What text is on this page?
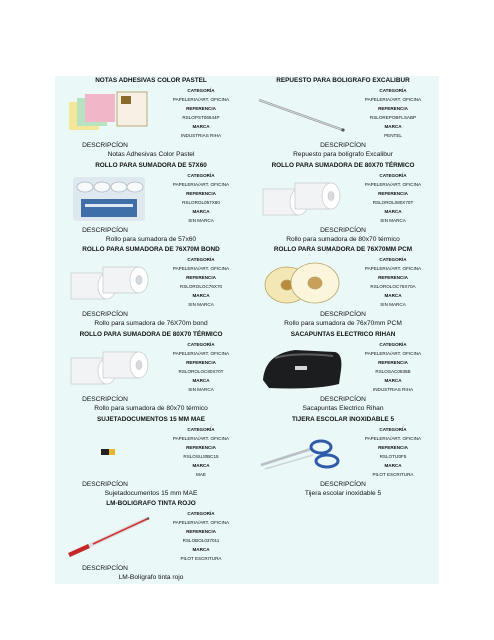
NOTAS ADHESIVAS COLOR PASTEL
CATEGORÍA
PAPELERIA/ART. OFICINA
REFERENCIA
RSLOPST06544P
MARCA
INDUSTRIAS RIHA
DESCRIPCÍON
Notas Adhesivas Color Pastel
ROLLO PARA SUMADORA DE 57X60
CATEGORÍA
PAPELERIA/ART. OFICINA
REFERENCIA
RSLOROL057X60
MARCA
SIN MARCA
DESCRIPCÍON
Rollo para sumadora de 57x60
ROLLO PARA SUMADORA DE 76X70M BOND
CATEGORÍA
PAPELERIA/ART. OFICINA
REFERENCIA
RSLOROLOC76X70
MARCA
SIN MARCA
DESCRIPCÍON
Rollo para sumadora de 76X70m bond
ROLLO PARA SUMADORA DE 80X70 TÉRMICO
CATEGORÍA
PAPELERIA/ART. OFICINA
REFERENCIA
RSLOROLOC80X70T
MARCA
SIN MARCA
DESCRIPCÍON
Rollo para sumadora de 80x70 térmico
SUJETADOCUMENTOS 15 MM MAE
CATEGORÍA
PAPELERIA/ART. OFICINA
REFERENCIA
RSLOSUJ0BC15
MARCA
MAE
DESCRIPCÍON
Sujetadocumentos 15 mm MAE
LM-BOLIGRAFO TINTA ROJO
CATEGORÍA
PAPELERIA/ART. OFICINA
REFERENCIA
RSLOBOL037011
MARCA
PILOT ESCRITURA
DESCRIPCÍON
LM-Bolígrafo tinta rojo
REPUESTO PARA BOLIGRAFO EXCALIBUR
CATEGORÍA
PAPELERIA/ART. OFICINA
REFERENCIA
RSLOREPOBFLSABP
MARCA
PENTEL
DESCRIPCÍON
Repuesto para bolígrafo Excalibur
ROLLO PARA SUMADORA DE 80X70 TÉRMICO
CATEGORÍA
PAPELERIA/ART. OFICINA
REFERENCIA
RSLOROL080X70T
MARCA
SIN MARCA
DESCRIPCÍON
Rollo para sumadora de 80x70 térmico
ROLLO PARA SUMADORA DE 76X70MM PCM
CATEGORÍA
PAPELERIA/ART. OFICINA
REFERENCIA
RSLOROLOC76X70A
MARCA
SIN MARCA
DESCRIPCÍON
Rollo para sumadora de 76x70mm PCM
SACAPUNTAS ELECTRICO RIHAN
CATEGORÍA
PAPELERIA/ART. OFICINA
REFERENCIA
RSLOSAC0835B
MARCA
INDUSTRIAS RIHA
DESCRIPCÍON
Sacapuntas Electrico Rihan
TIJERA ESCOLAR INOXIDABLE 5
CATEGORÍA
PAPELERIA/ART. OFICINA
REFERENCIA
RSLOTIJ0F5
MARCA
PILOT ESCRITURA
DESCRIPCÍON
Tijera escolar inoxidable 5
